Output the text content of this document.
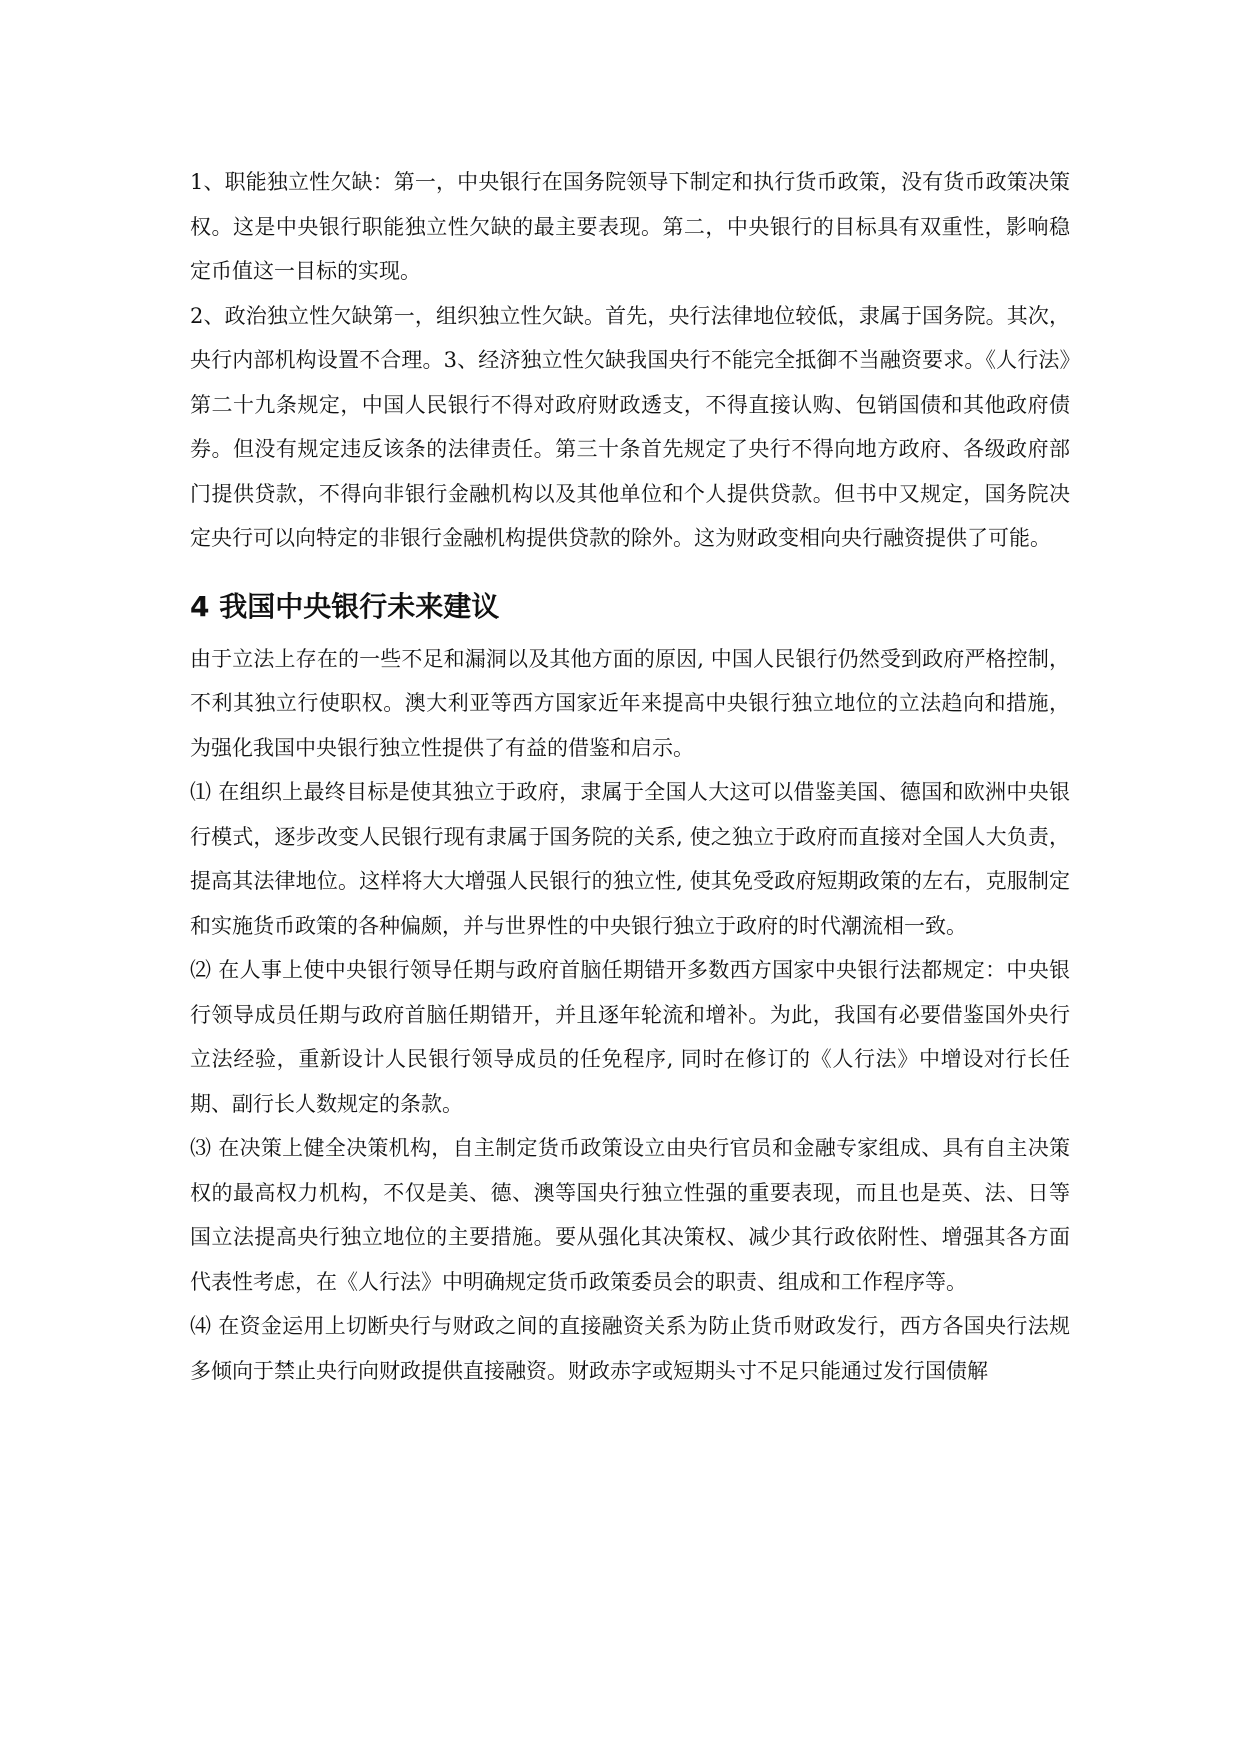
1、职能独立性欠缺：第一，中央银行在国务院领导下制定和执行货币政策，没有货币政策决策权。这是中央银行职能独立性欠缺的最主要表现。第二，中央银行的目标具有双重性，影响稳定币值这一目标的实现。

2、政治独立性欠缺第一，组织独立性欠缺。首先，央行法律地位较低，隶属于国务院。其次，央行内部机构设置不合理。3、经济独立性欠缺我国央行不能完全抵御不当融资要求。《人行法》第二十九条规定，中国人民银行不得对政府财政透支，不得直接认购、包销国债和其他政府债券。但没有规定违反该条的法律责任。第三十条首先规定了央行不得向地方政府、各级政府部门提供贷款，不得向非银行金融机构以及其他单位和个人提供贷款。但书中又规定，国务院决定央行可以向特定的非银行金融机构提供贷款的除外。这为财政变相向央行融资提供了可能。

4 我国中央银行未来建议

由于立法上存在的一些不足和漏洞以及其他方面的原因, 中国人民银行仍然受到政府严格控制，不利其独立行使职权。澳大利亚等西方国家近年来提高中央银行独立地位的立法趋向和措施，为强化我国中央银行独立性提供了有益的借鉴和启示。

⑴ 在组织上最终目标是使其独立于政府，隶属于全国人大这可以借鉴美国、德国和欧洲中央银行模式，逐步改变人民银行现有隶属于国务院的关系, 使之独立于政府而直接对全国人大负责，提高其法律地位。这样将大大增强人民银行的独立性, 使其免受政府短期政策的左右，克服制定和实施货币政策的各种偏颇，并与世界性的中央银行独立于政府的时代潮流相一致。

⑵ 在人事上使中央银行领导任期与政府首脑任期错开多数西方国家中央银行法都规定：中央银行领导成员任期与政府首脑任期错开，并且逐年轮流和增补。为此，我国有必要借鉴国外央行立法经验，重新设计人民银行领导成员的任免程序, 同时在修订的《人行法》中增设对行长任期、副行长人数规定的条款。

⑶ 在决策上健全决策机构，自主制定货币政策设立由央行官员和金融专家组成、具有自主决策权的最高权力机构，不仅是美、德、澳等国央行独立性强的重要表现，而且也是英、法、日等国立法提高央行独立地位的主要措施。要从强化其决策权、减少其行政依附性、增强其各方面代表性考虑，在《人行法》中明确规定货币政策委员会的职责、组成和工作程序等。

⑷ 在资金运用上切断央行与财政之间的直接融资关系为防止货币财政发行，西方各国央行法规多倾向于禁止央行向财政提供直接融资。财政赤字或短期头寸不足只能通过发行国债解
